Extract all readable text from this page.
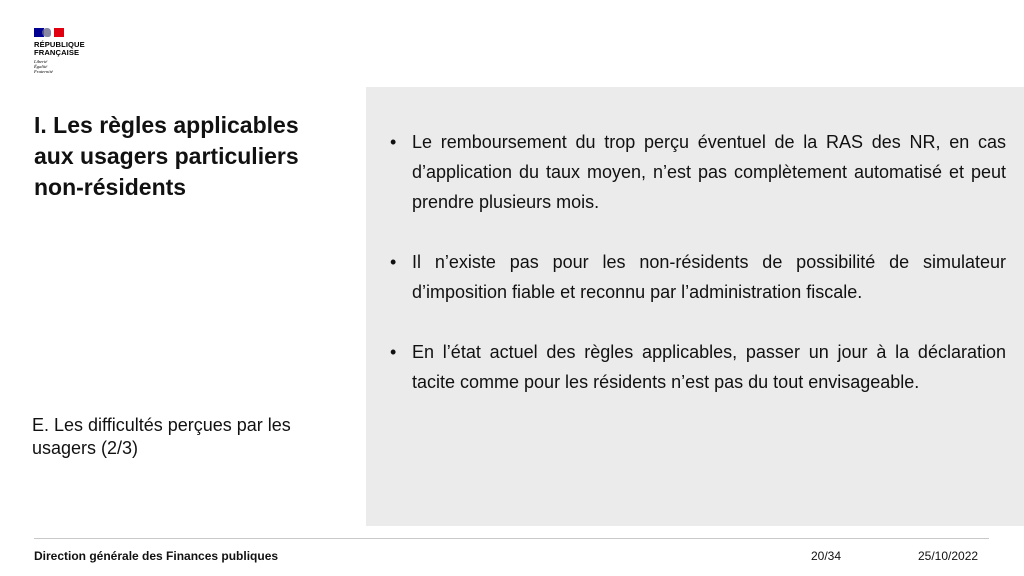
RÉPUBLIQUE
FRANÇAISE
Liberté
Égalité
Fraternité
I. Les règles applicables aux usagers particuliers non-résidents

E. Les difficultés perçues par les usagers (2/3)

• Le remboursement du trop perçu éventuel de la RAS des NR, en cas d’application du taux moyen, n’est pas complètement automatisé et peut prendre plusieurs mois.
• Il n’existe pas pour les non-résidents de possibilité de simulateur d’imposition fiable et reconnu par l’administration fiscale.
• En l’état actuel des règles applicables, passer un jour à la déclaration tacite comme pour les résidents n’est pas du tout envisageable.
Direction générale des Finances publiques	20/34	25/10/2022
